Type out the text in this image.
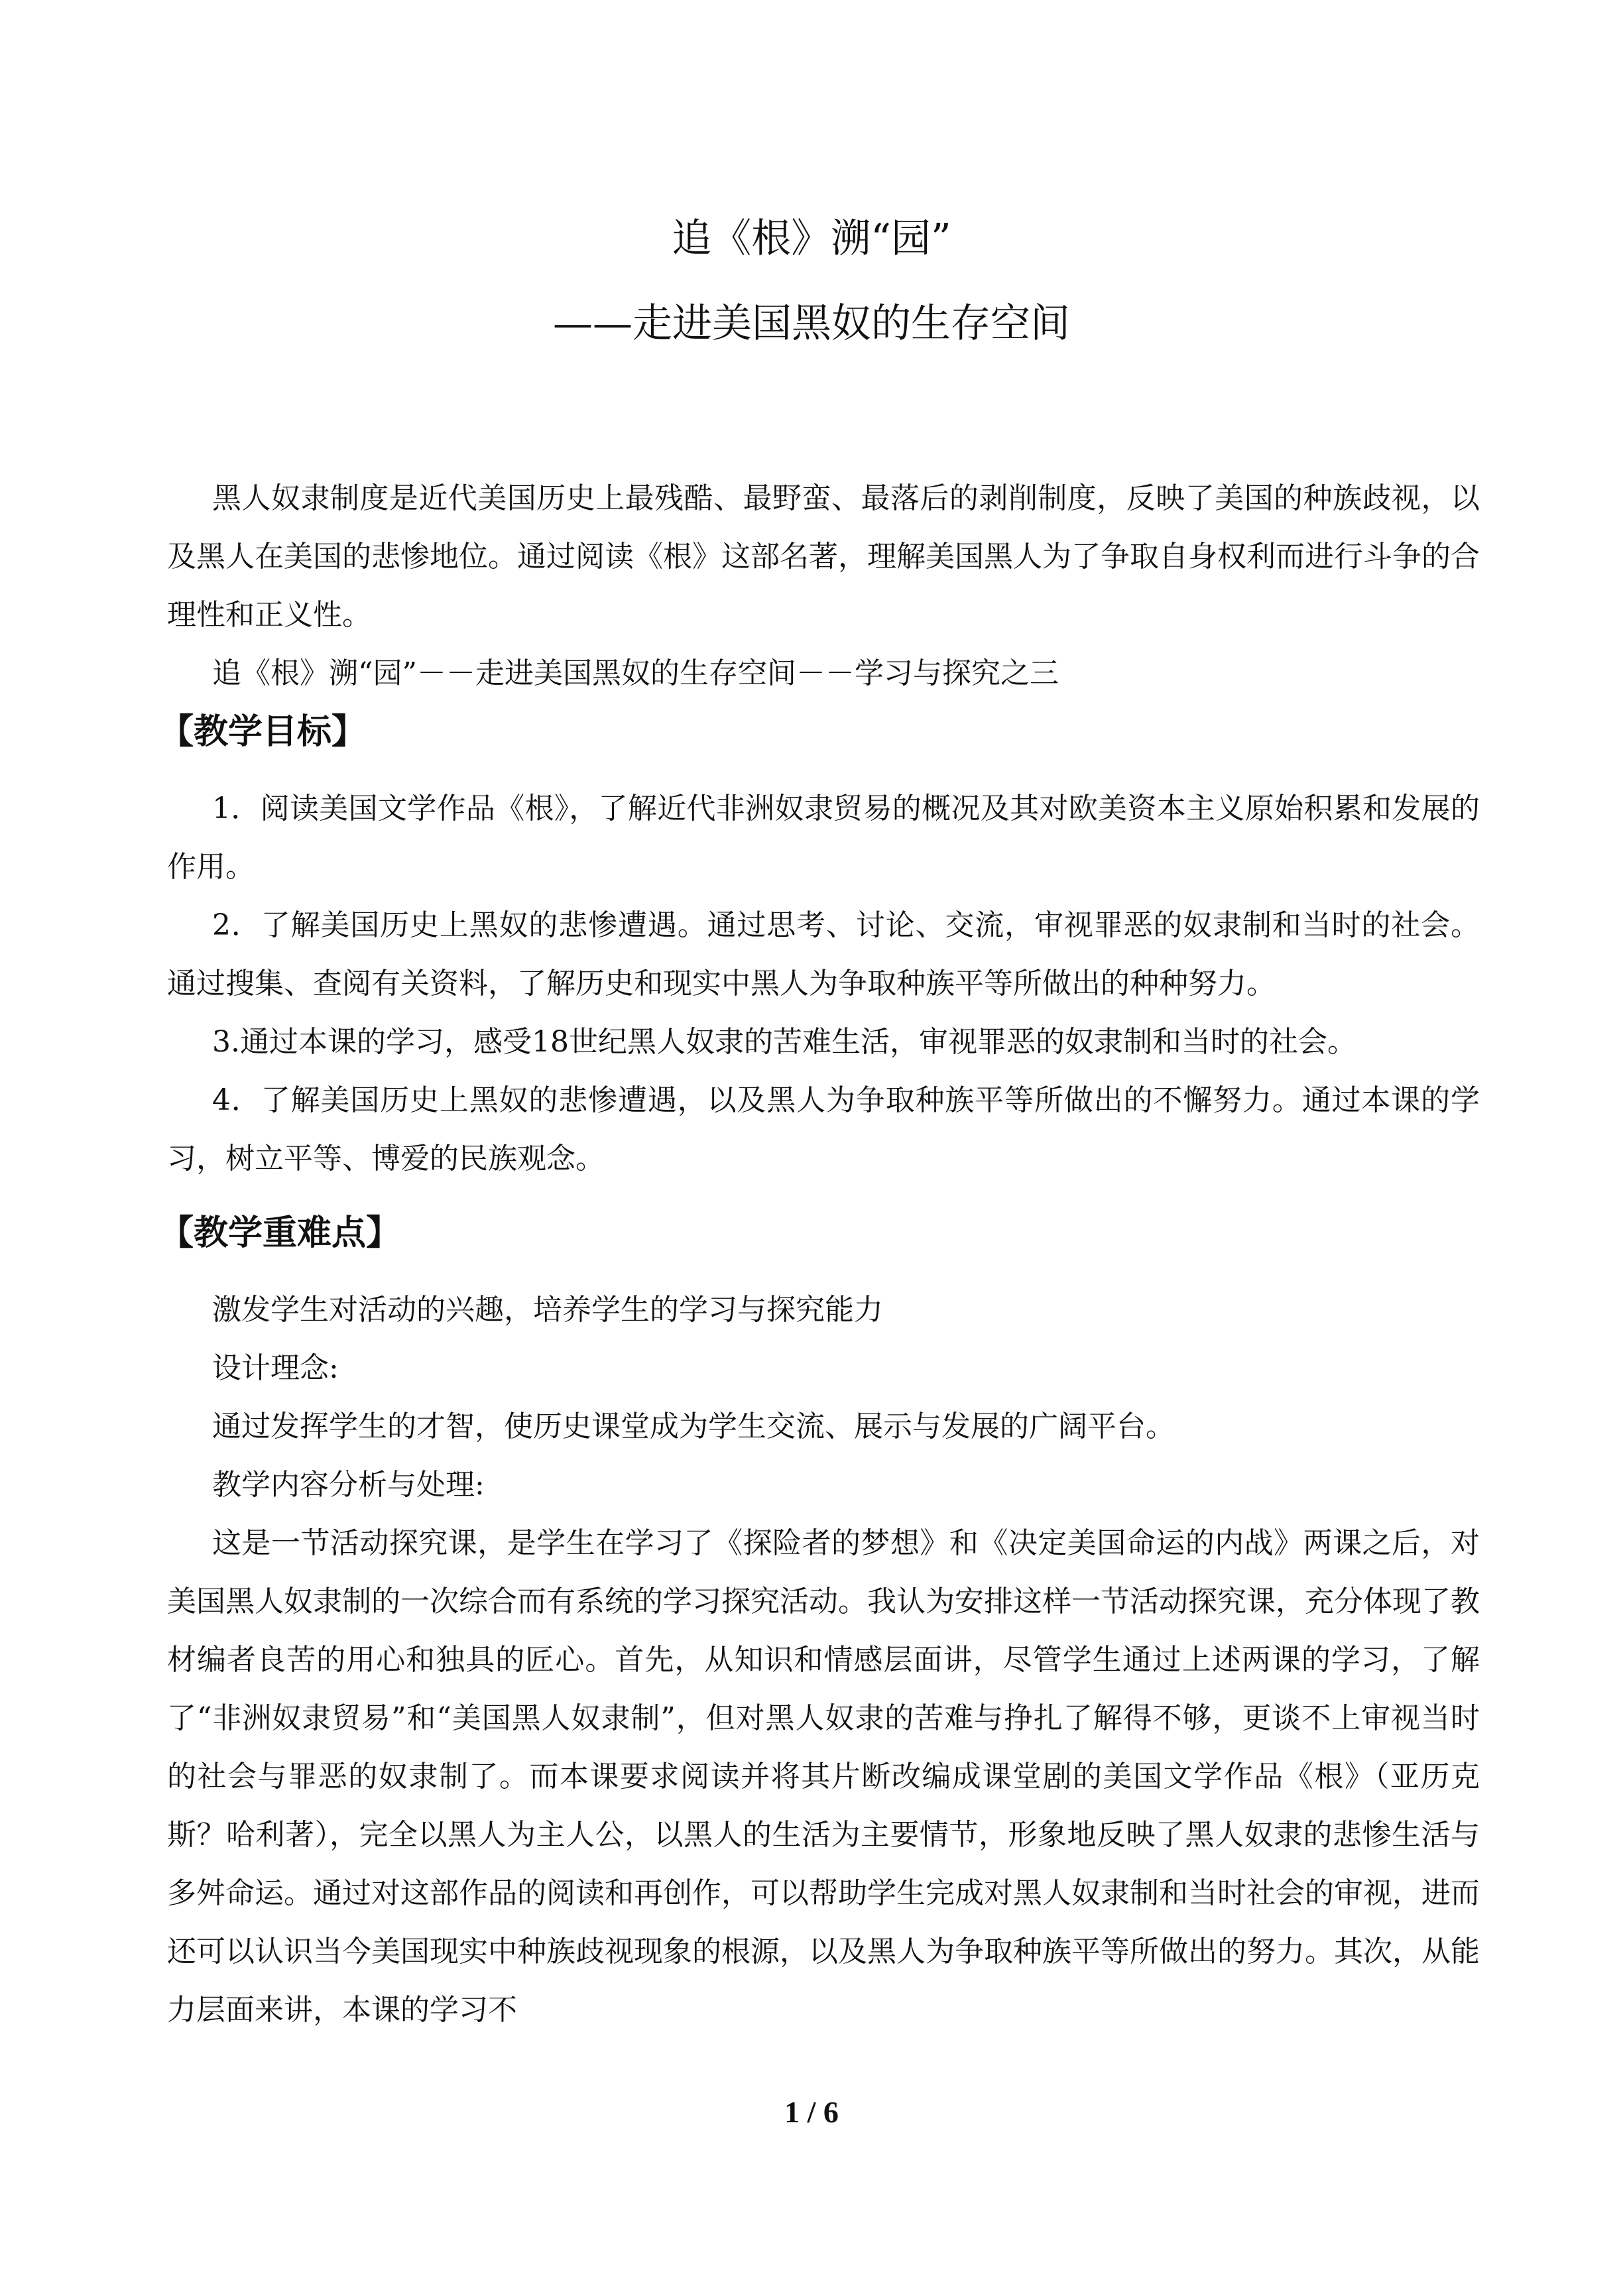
追《根》溯“园”
——走进美国黑奴的生存空间

黑人奴隶制度是近代美国历史上最残酷、最野蛮、最落后的剥削制度，反映了美国的种族歧视，以及黑人在美国的悲惨地位。通过阅读《根》这部名著，理解美国黑人为了争取自身权利而进行斗争的合理性和正义性。

追《根》溯“园”－－走进美国黑奴的生存空间－－学习与探究之三

【教学目标】

1．阅读美国文学作品《根》，了解近代非洲奴隶贸易的概况及其对欧美资本主义原始积累和发展的作用。

2．了解美国历史上黑奴的悲惨遭遇。通过思考、讨论、交流，审视罪恶的奴隶制和当时的社会。通过搜集、查阅有关资料，了解历史和现实中黑人为争取种族平等所做出的种种努力。

3.通过本课的学习，感受18世纪黑人奴隶的苦难生活，审视罪恶的奴隶制和当时的社会。

4．了解美国历史上黑奴的悲惨遭遇，以及黑人为争取种族平等所做出的不懈努力。通过本课的学习，树立平等、博爱的民族观念。

【教学重难点】

激发学生对活动的兴趣，培养学生的学习与探究能力

设计理念:

通过发挥学生的才智，使历史课堂成为学生交流、展示与发展的广阔平台。

教学内容分析与处理:

这是一节活动探究课，是学生在学习了《探险者的梦想》和《决定美国命运的内战》两课之后，对美国黑人奴隶制的一次综合而有系统的学习探究活动。我认为安排这样一节活动探究课，充分体现了教材编者良苦的用心和独具的匠心。首先，从知识和情感层面讲，尽管学生通过上述两课的学习，了解了“非洲奴隶贸易”和“美国黑人奴隶制”，但对黑人奴隶的苦难与挣扎了解得不够，更谈不上审视当时的社会与罪恶的奴隶制了。而本课要求阅读并将其片断改编成课堂剧的美国文学作品《根》（亚历克斯？哈利著），完全以黑人为主人公，以黑人的生活为主要情节，形象地反映了黑人奴隶的悲惨生活与多舛命运。通过对这部作品的阅读和再创作，可以帮助学生完成对黑人奴隶制和当时社会的审视，进而还可以认识当今美国现实中种族歧视现象的根源，以及黑人为争取种族平等所做出的努力。其次，从能力层面来讲，本课的学习不

1 / 6
